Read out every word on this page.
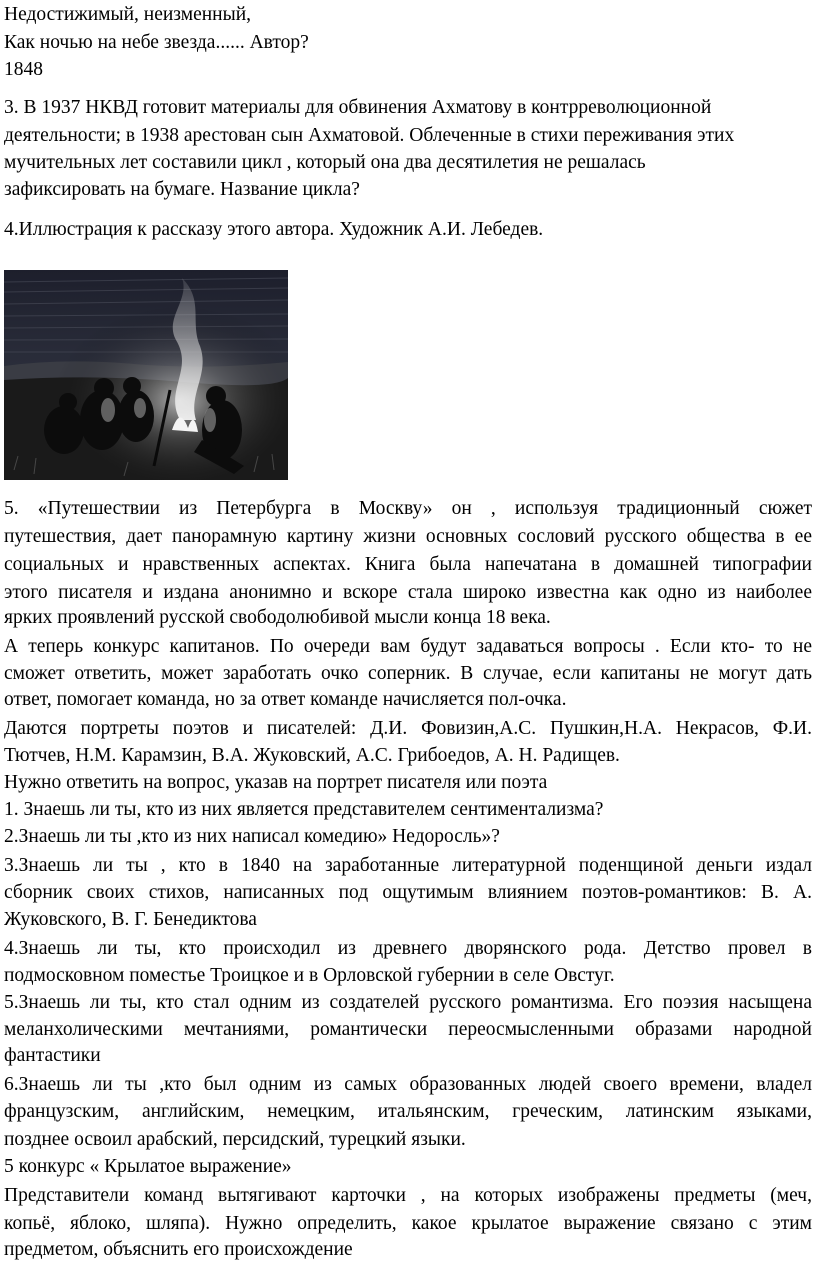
Недостижимый, неизменный,
Как ночью на небе звезда...... Автор?
1848
3. В 1937 НКВД готовит материалы для обвинения Ахматову в контрреволюционной
деятельности; в 1938 арестован сын Ахматовой. Облеченные в стихи переживания этих
мучительных лет составили цикл , который она два десятилетия не решалась
зафиксировать на бумаге. Название цикла?
4.Иллюстрация к рассказу этого автора. Художник А.И. Лебедев.
5. «Путешествии из Петербурга в Москву» он , используя традиционный сюжет
путешествия, дает панорамную картину жизни основных сословий русского общества в ее
социальных и нравственных аспектах. Книга была напечатана в домашней типографии
этого писателя и издана анонимно и вскоре стала широко известна как одно из наиболее
ярких проявлений русской свободолюбивой мысли конца 18 века.
А теперь конкурс капитанов. По очереди вам будут задаваться вопросы . Если кто- то не
сможет ответить, может заработать очко соперник. В случае, если капитаны не могут дать
ответ, помогает команда, но за ответ команде начисляется пол-очка.
Даются портреты поэтов и писателей: Д.И. Фовизин,А.С. Пушкин,Н.А. Некрасов, Ф.И.
Тютчев, Н.М. Карамзин, В.А. Жуковский, А.С. Грибоедов, А. Н. Радищев.
Нужно ответить на вопрос, указав на портрет писателя или поэта
1. Знаешь ли ты, кто из них является представителем сентиментализма?
2.Знаешь ли ты ,кто из них написал комедию» Недоросль»?
3.Знаешь ли ты , кто в 1840 на заработанные литературной поденщиной деньги издал
сборник своих стихов, написанных под ощутимым влиянием поэтов-романтиков: В. А.
Жуковского, В. Г. Бенедиктова
4.Знаешь ли ты, кто происходил из древнего дворянского рода. Детство провел в
подмосковном поместье Троицкое и в Орловской губернии в селе Овстуг.
5.Знаешь ли ты, кто стал одним из создателей русского романтизма. Его поэзия насыщена
меланхолическими мечтаниями, романтически переосмысленными образами народной
фантастики
6.Знаешь ли ты ,кто был одним из самых образованных людей своего времени, владел
французским, английским, немецким, итальянским, греческим, латинским языками,
позднее освоил арабский, персидский, турецкий языки.
5 конкурс « Крылатое выражение»
Представители команд вытягивают карточки , на которых изображены предметы (меч,
копьё, яблоко, шляпа). Нужно определить, какое крылатое выражение связано с этим
предметом, объяснить его происхождение
